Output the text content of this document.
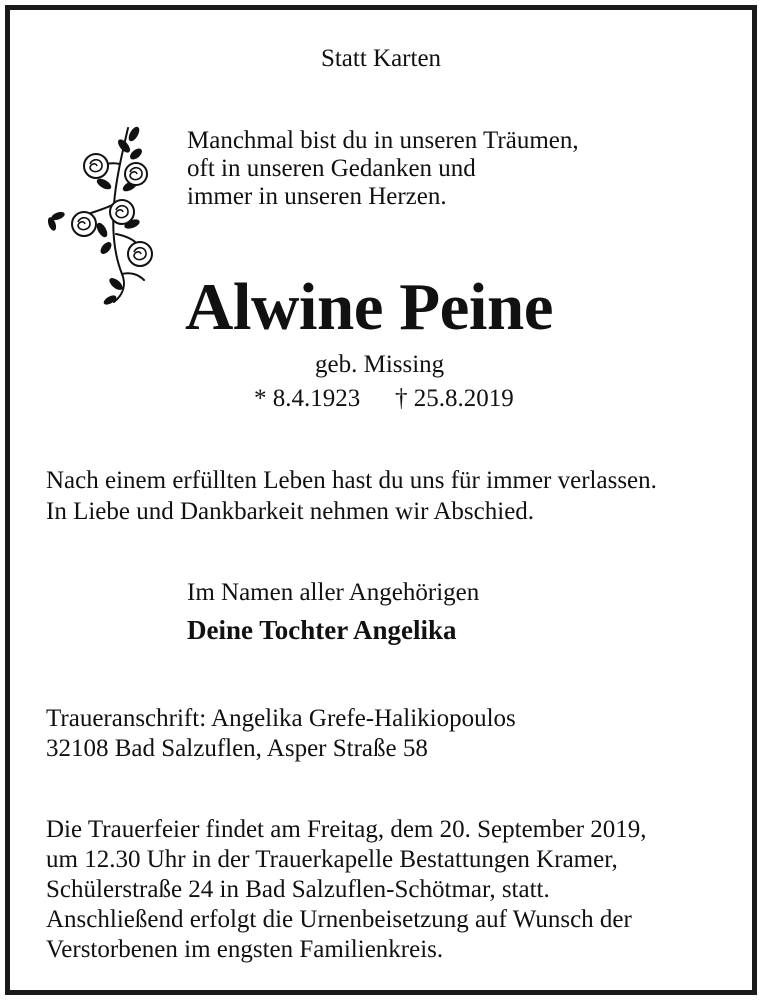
Statt Karten

Manchmal bist du in unseren Träumen,

oft in unseren Gedanken und

immer in unseren Herzen.

Alwine Peine

geb. Missing

* 8.4.1923 † 25.8.2019

Nach einem erfüllten Leben hast du uns für immer verlassen.

In Liebe und Dankbarkeit nehmen wir Abschied.

Im Namen aller Angehörigen

Deine Tochter Angelika

Traueranschrift: Angelika Grefe-Halikiopoulos

32108 Bad Salzuflen, Asper Straße 58

Die Trauerfeier findet am Freitag, dem 20. September 2019,

um 12.30 Uhr in der Trauerkapelle Bestattungen Kramer,

Schülerstraße 24 in Bad Salzuflen-Schötmar, statt.

Anschließend erfolgt die Urnenbeisetzung auf Wunsch der

Verstorbenen im engsten Familienkreis.
